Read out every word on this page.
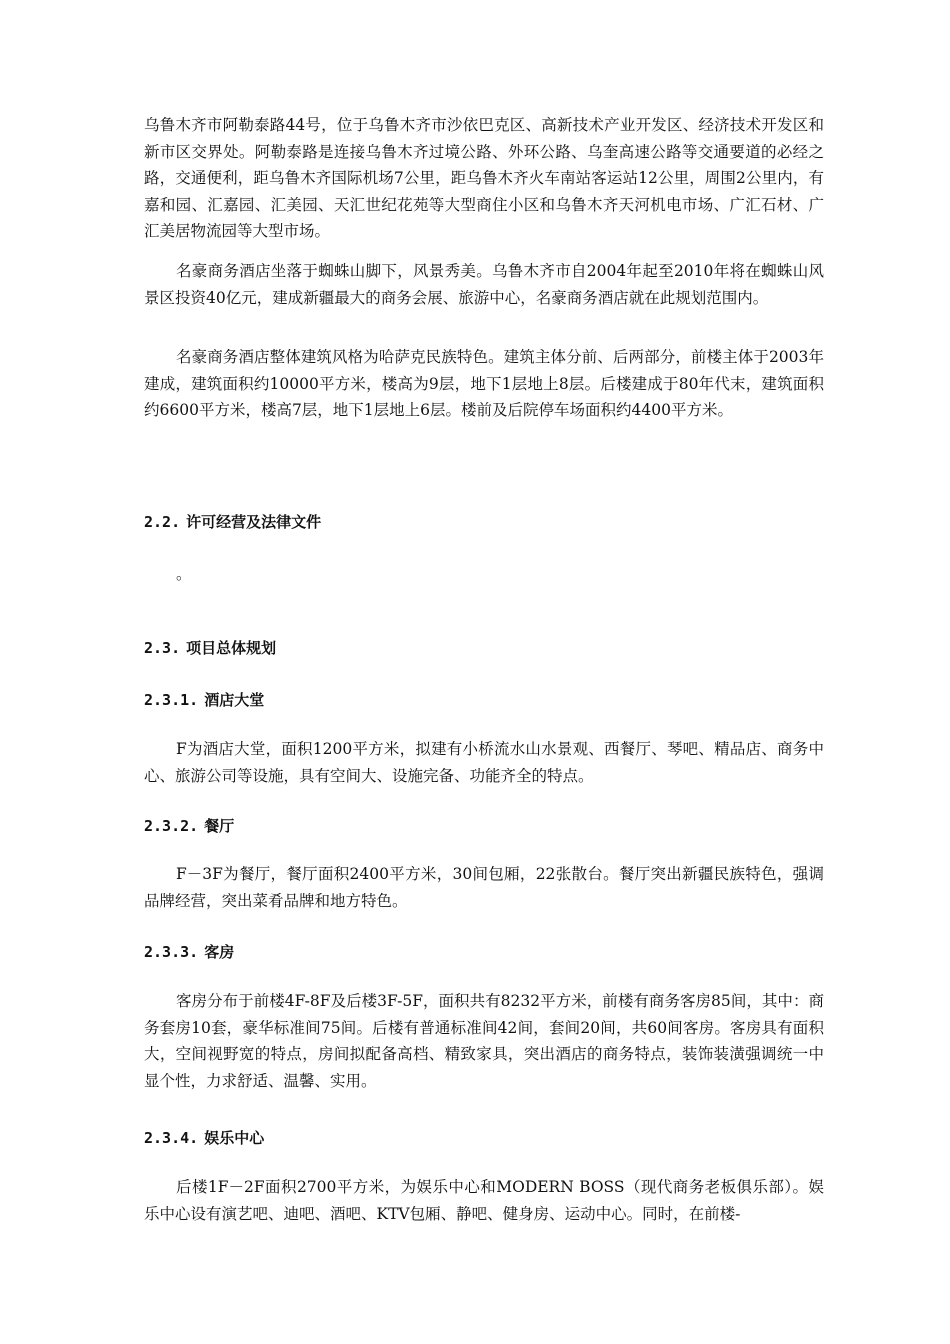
乌鲁木齐市阿勒泰路44号，位于乌鲁木齐市沙依巴克区、高新技术产业开发区、经济技术开发区和新市区交界处。阿勒泰路是连接乌鲁木齐过境公路、外环公路、乌奎高速公路等交通要道的必经之路，交通便利，距乌鲁木齐国际机场7公里，距乌鲁木齐火车南站客运站12公里，周围2公里内，有嘉和园、汇嘉园、汇美园、天汇世纪花苑等大型商住小区和乌鲁木齐天河机电市场、广汇石材、广汇美居物流园等大型市场。

名豪商务酒店坐落于蜘蛛山脚下，风景秀美。乌鲁木齐市自2004年起至2010年将在蜘蛛山风景区投资40亿元，建成新疆最大的商务会展、旅游中心，名豪商务酒店就在此规划范围内。

名豪商务酒店整体建筑风格为哈萨克民族特色。建筑主体分前、后两部分，前楼主体于2003年建成，建筑面积约10000平方米，楼高为9层，地下1层地上8层。后楼建成于80年代末，建筑面积约6600平方米，楼高7层，地下1层地上6层。楼前及后院停车场面积约4400平方米。

2.2. 许可经营及法律文件

。

2.3. 项目总体规划
2.3.1. 酒店大堂

F为酒店大堂，面积1200平方米，拟建有小桥流水山水景观、西餐厅、琴吧、精品店、商务中心、旅游公司等设施，具有空间大、设施完备、功能齐全的特点。

2.3.2. 餐厅

F－3F为餐厅，餐厅面积2400平方米，30间包厢，22张散台。餐厅突出新疆民族特色，强调品牌经营，突出菜肴品牌和地方特色。

2.3.3. 客房

客房分布于前楼4F-8F及后楼3F-5F，面积共有8232平方米，前楼有商务客房85间，其中：商务套房10套，豪华标准间75间。后楼有普通标准间42间，套间20间，共60间客房。客房具有面积大，空间视野宽的特点，房间拟配备高档、精致家具，突出酒店的商务特点，装饰装潢强调统一中显个性，力求舒适、温馨、实用。

2.3.4. 娱乐中心

后楼1F－2F面积2700平方米，为娱乐中心和MODERN BOSS（现代商务老板俱乐部）。娱乐中心设有演艺吧、迪吧、酒吧、KTV包厢、静吧、健身房、运动中心。同时，在前楼-
